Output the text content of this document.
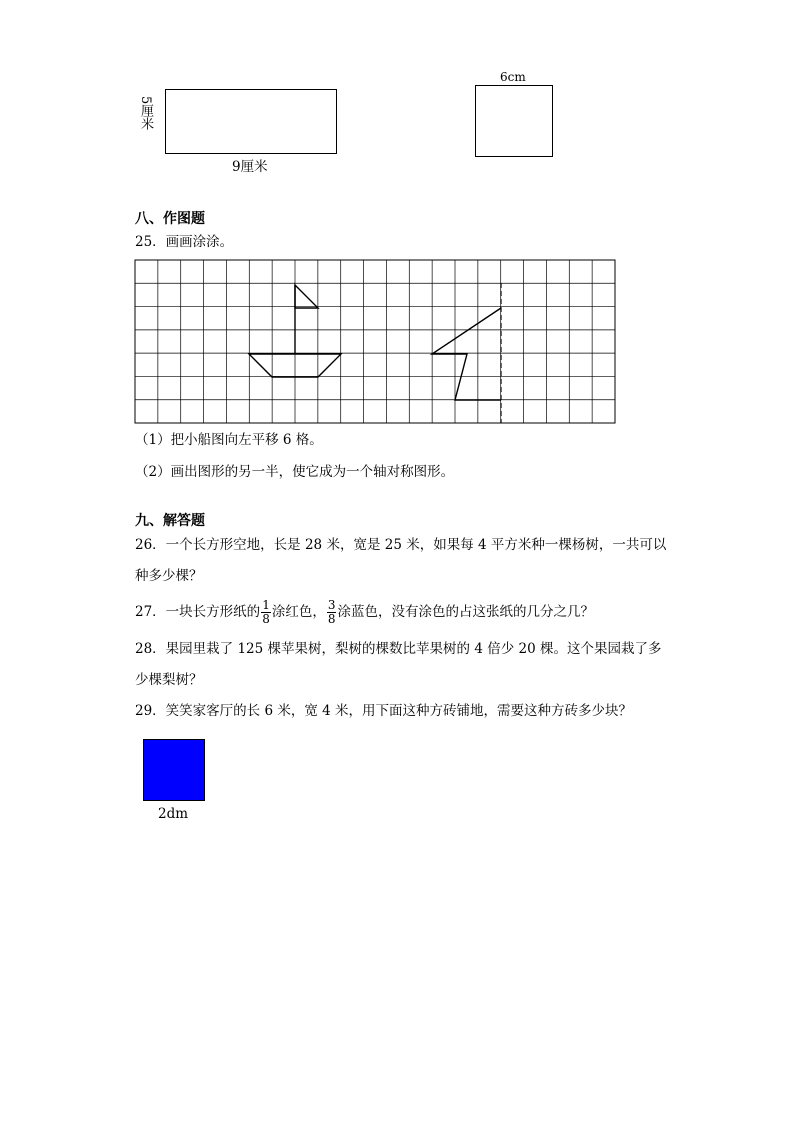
5厘米
9厘米
6cm
八、作图题
25．画画涂涂。
（1）把小船图向左平移 6 格。
（2）画出图形的另一半，使它成为一个轴对称图形。
九、解答题
26．一个长方形空地，长是 28 米，宽是 25 米，如果每 4 平方米种一棵杨树，一共可以
种多少棵？
27．一块长方形纸的 $\frac{1}{8}$ 涂红色， $\frac{3}{8}$ 涂蓝色，没有涂色的占这张纸的几分之几？
28．果园里栽了 125 棵苹果树，梨树的棵数比苹果树的 4 倍少 20 棵。这个果园栽了多
少棵梨树？
29．笑笑家客厅的长 6 米，宽 4 米，用下面这种方砖铺地，需要这种方砖多少块？
2dm
